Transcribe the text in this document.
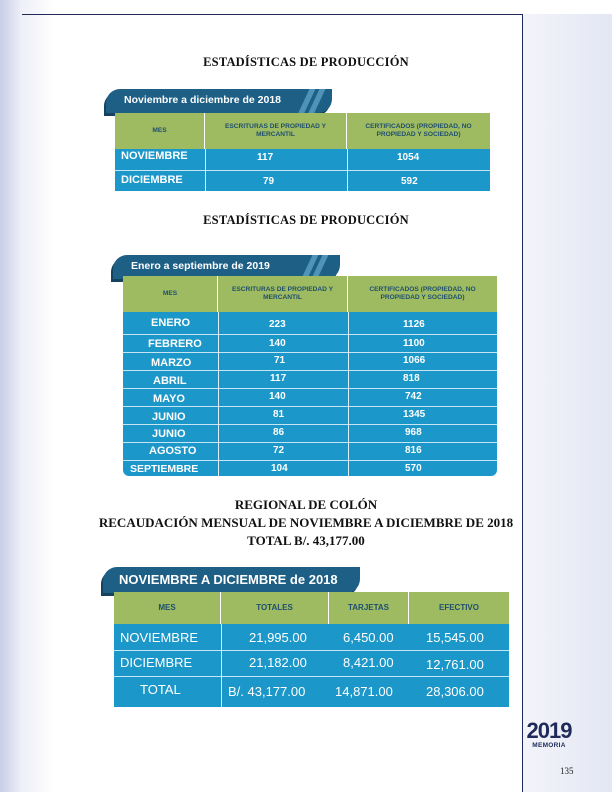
ESTADÍSTICAS DE PRODUCCIÓN
Noviembre a diciembre de 2018
MES
ESCRITURAS DE PROPIEDAD Y MERCANTIL
CERTIFICADOS (PROPIEDAD, NO PROPIEDAD Y SOCIEDAD)
NOVIEMBRE	117	1054
DICIEMBRE	79	592
ESTADÍSTICAS DE PRODUCCIÓN
Enero a septiembre de 2019
MES
ESCRITURAS DE PROPIEDAD Y MERCANTIL
CERTIFICADOS (PROPIEDAD, NO PROPIEDAD Y SOCIEDAD)
ENERO	223	1126
FEBRERO	140	1100
MARZO	71	1066
ABRIL	117	818
MAYO	140	742
JUNIO	81	1345
JUNIO	86	968
AGOSTO	72	816
SEPTIEMBRE	104	570
REGIONAL DE COLÓN
RECAUDACIÓN MENSUAL DE NOVIEMBRE A DICIEMBRE DE 2018
TOTAL B/. 43,177.00
NOVIEMBRE A DICIEMBRE de 2018
MES	TOTALES	TARJETAS	EFECTIVO
NOVIEMBRE	21,995.00	6,450.00 15,545.00
DICIEMBRE	21,182.00	8,421.00 12,761.00
TOTAL	B/. 43,177.00 14,871.00	28,306.00
2019
MEMORIA
135
